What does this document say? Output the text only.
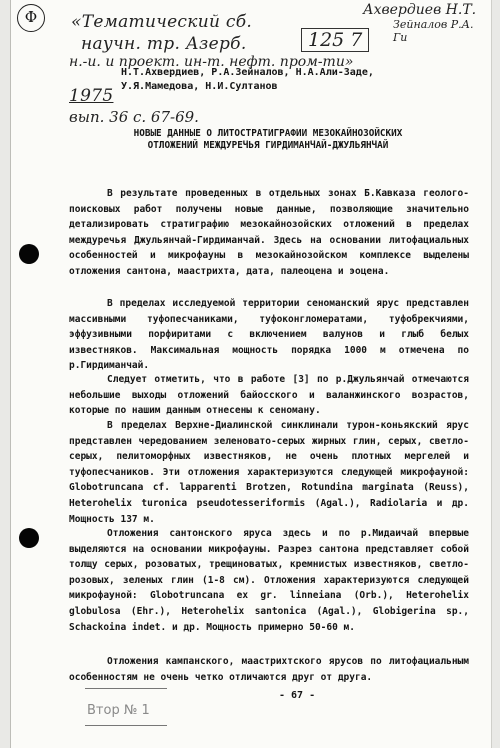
Ф	Ахвердиев Н.Т.
«Тематический сб.	Зейналов Р.А. Ги
научн. тр. Азерб.	125 7
н.-и. и проект. ин-т. нефт. пром-ти»
1975
вып. 36 с. 67-69.
Н.Т.Ахвердиев, Р.А.Зейналов, Н.А.Али-Заде,
У.Я.Мамедова, Н.И.Султанов
НОВЫЕ ДАННЫЕ О ЛИТОСТРАТИГРАФИИ МЕЗОКАЙНОЗОЙСКИХ
ОТЛОЖЕНИЙ МЕЖДУРЕЧЬЯ ГИРДИМАНЧАЙ-ДЖУЛЬЯНЧАЙ

В результате проведенных в отдельных зонах Б.Кавказа геолого-поисковых работ получены новые данные, позволяющие значительно детализировать стратиграфию мезокайнозойских отложений в пределах междуречья Джульянчай-Гирдиманчай. Здесь на основании литофациальных особенностей и микрофауны в мезокайнозойском комплексе выделены отложения сантона, маастрихта, дата, палеоцена и эоцена.

В пределах исследуемой территории сеноманский ярус представлен массивными туфопесчаниками, туфоконгломератами, туфобрекчиями, эффузивными порфиритами с включением валунов и глыб белых известняков. Максимальная мощность порядка 1000 м отмечена по р.Гирдиманчай.

Следует отметить, что в работе [3] по р.Джульянчай отмечаются небольшие выходы отложений байосского и валанжинского возрастов, которые по нашим данным отнесены к сеноману.

В пределах Верхне-Диалинской синклинали турон-коньякский ярус представлен чередованием зеленовато-серых жирных глин, серых, светло-серых, пелитоморфных известняков, не очень плотных мергелей и туфопесчаников. Эти отложения характеризуются следующей микрофауной: Globotruncana cf. lapparenti Brotzen, Rotundina marginata (Reuss), Heterohelix turonica pseudotesseriformis (Agal.), Radiolaria и др. Мощность 137 м.

Отложения сантонского яруса здесь и по р.Мидаичай впервые выделяются на основании микрофауны. Разрез сантона представляет собой толщу серых, розоватых, трещиноватых, кремнистых известняков, светло-розовых, зеленых глин (1-8 см). Отложения характеризуются следующей микрофауной: Globotruncana ex gr. linneiana (Orb.), Heterohelix globulosa (Ehr.), Heterohelix santonica (Agal.), Globigerina sp., Schackoina indet. и др. Мощность примерно 50-60 м.

Отложения кампанского, маастрихтского ярусов по литофациальным особенностям не очень четко отличаются друг от друга.

- 67 -
Втор № 1
